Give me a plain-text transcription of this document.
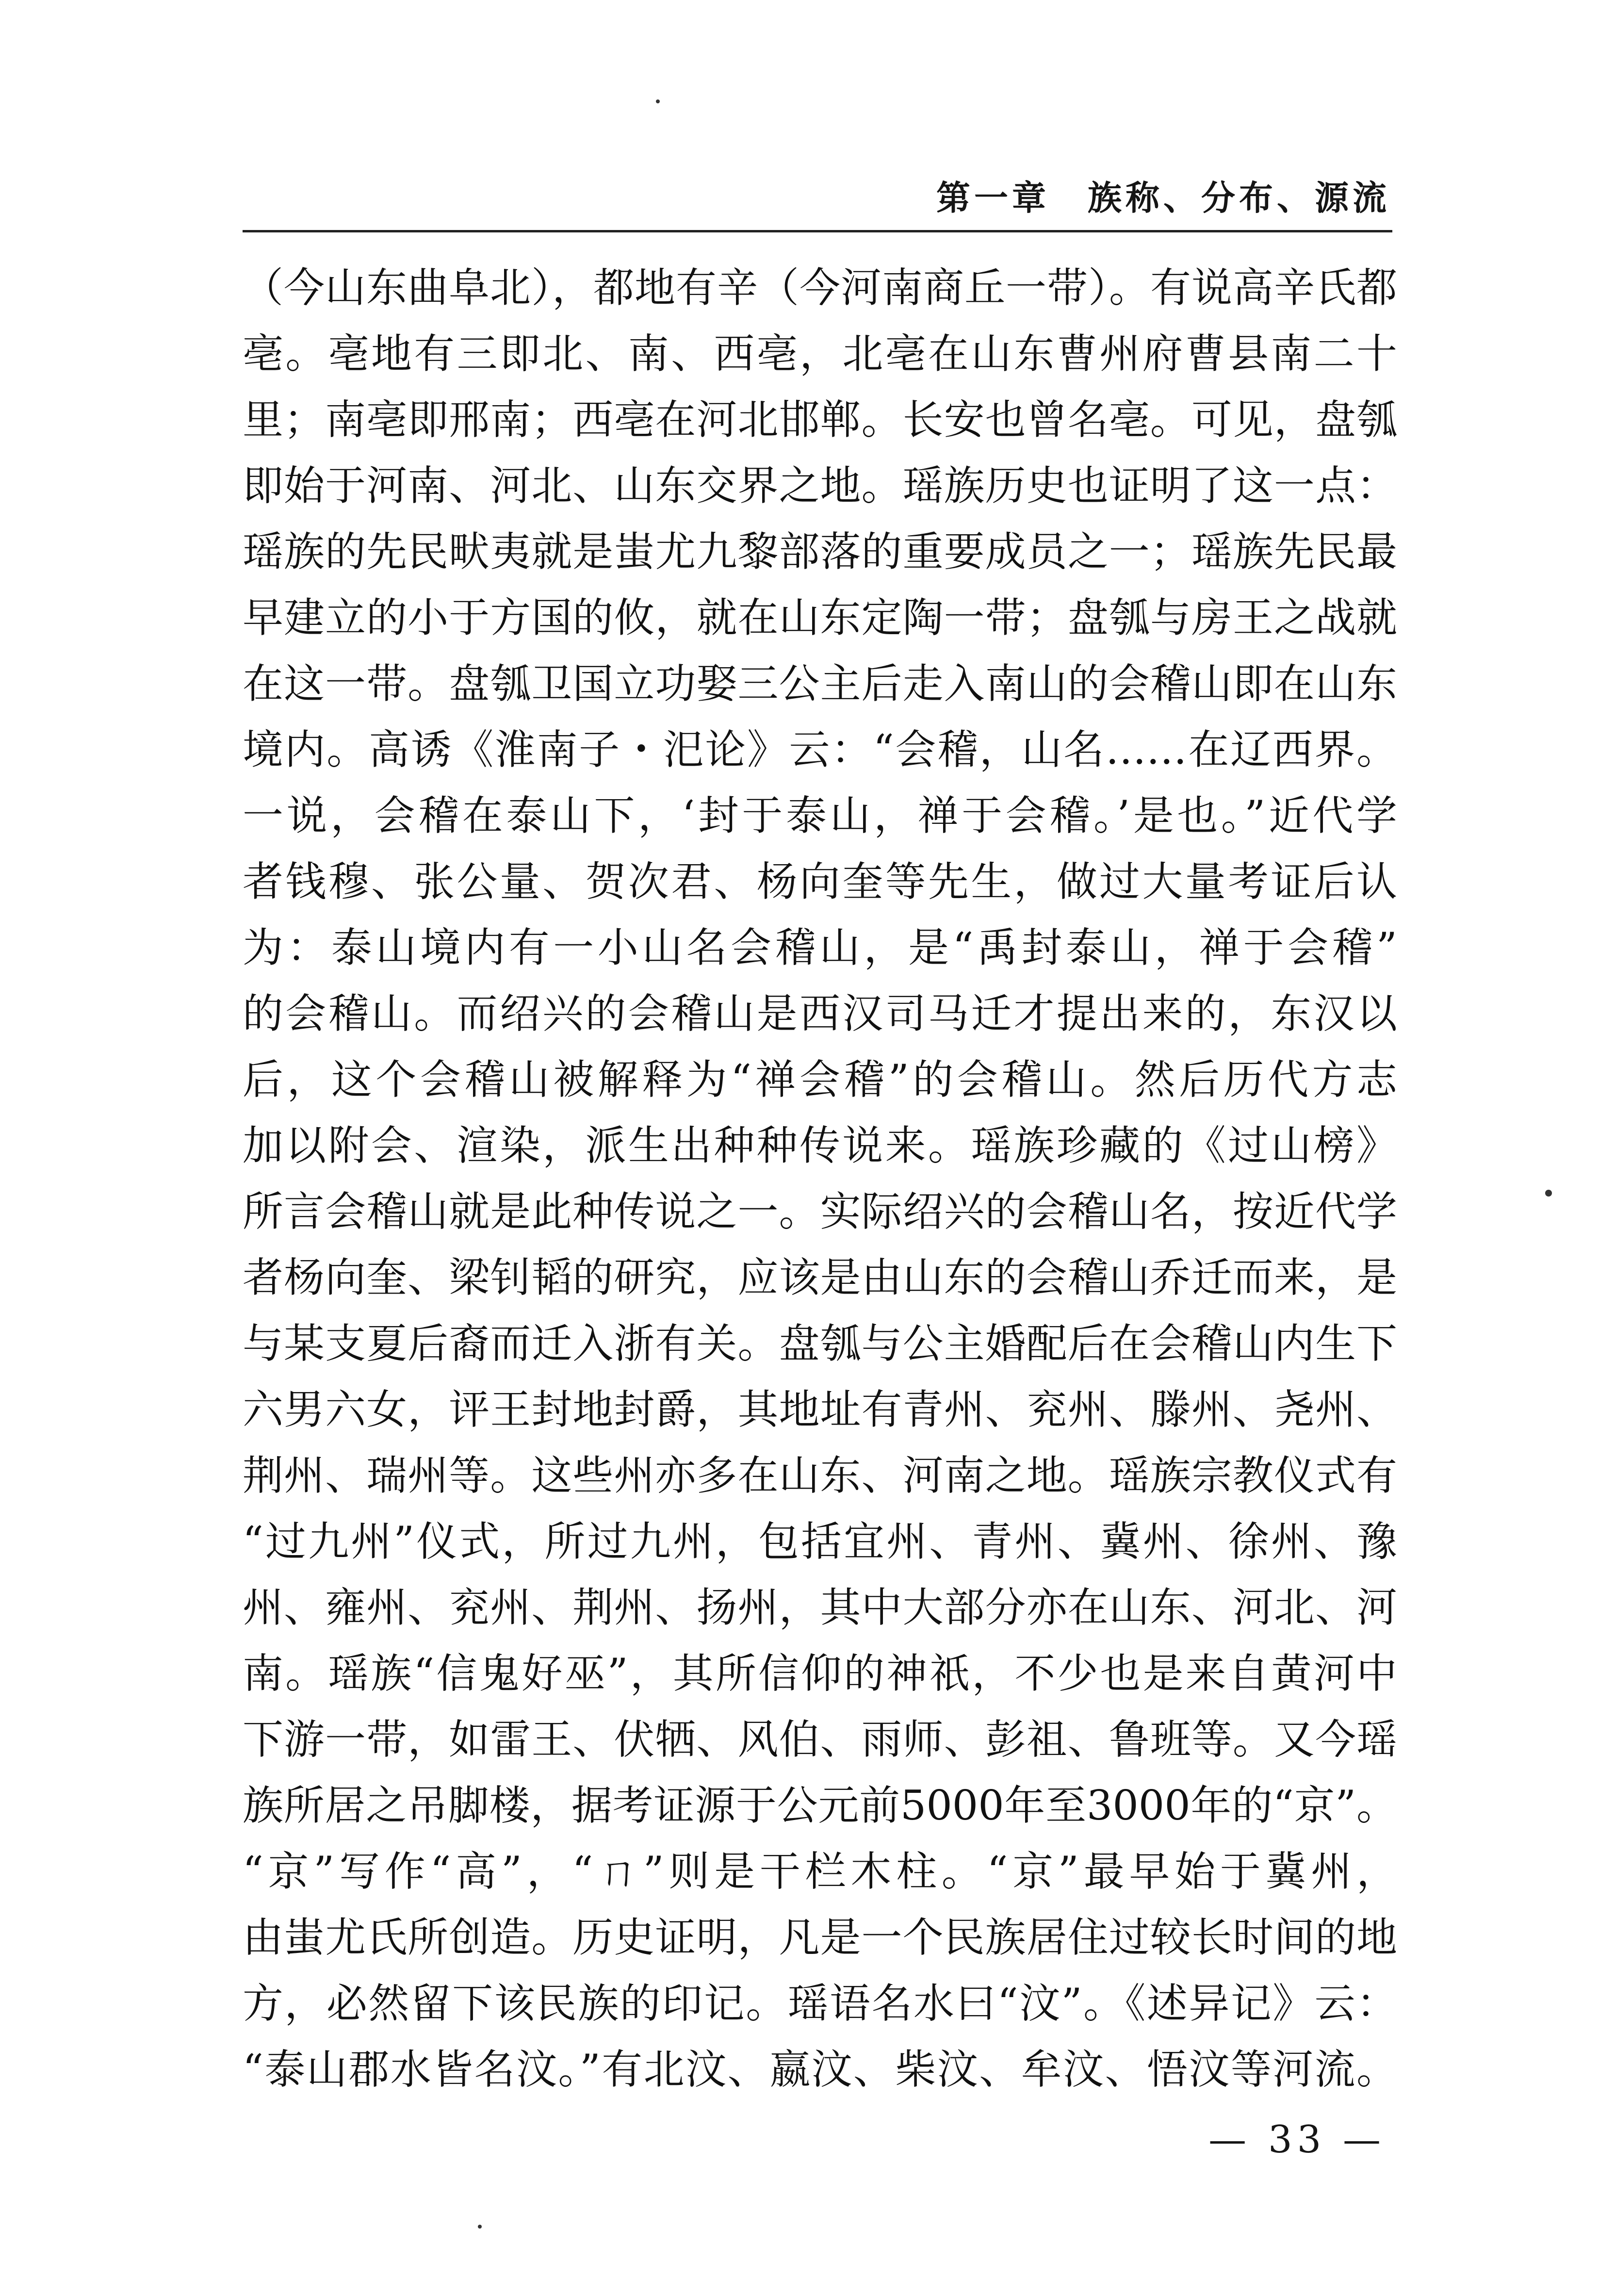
第一章　族称、分布、源流
（今山东曲阜北），都地有辛（今河南商丘一带）。有说高辛氏都
亳。亳地有三即北、南、西亳，北亳在山东曹州府曹县南二十
里；南亳即邢南；西亳在河北邯郸。长安也曾名亳。可见，盘瓠
即始于河南、河北、山东交界之地。瑶族历史也证明了这一点：
瑶族的先民畎夷就是蚩尤九黎部落的重要成员之一；瑶族先民最
早建立的小于方国的攸，就在山东定陶一带；盘瓠与房王之战就
在这一带。盘瓠卫国立功娶三公主后走入南山的会稽山即在山东
境内。高诱《淮南子・汜论》云：“会稽，山名……在辽西界。
一说，会稽在泰山下，‘封于泰山，禅于会稽。’是也。”近代学
者钱穆、张公量、贺次君、杨向奎等先生，做过大量考证后认
为：泰山境内有一小山名会稽山，是“禹封泰山，禅于会稽”
的会稽山。而绍兴的会稽山是西汉司马迁才提出来的，东汉以
后，这个会稽山被解释为“禅会稽”的会稽山。然后历代方志
加以附会、渲染，派生出种种传说来。瑶族珍藏的《过山榜》
所言会稽山就是此种传说之一。实际绍兴的会稽山名，按近代学
者杨向奎、梁钊韬的研究，应该是由山东的会稽山乔迁而来，是
与某支夏后裔而迁入浙有关。盘瓠与公主婚配后在会稽山内生下
六男六女，评王封地封爵，其地址有青州、兖州、滕州、尧州、
荆州、瑞州等。这些州亦多在山东、河南之地。瑶族宗教仪式有
“过九州”仪式，所过九州，包括宜州、青州、冀州、徐州、豫
州、雍州、兖州、荆州、扬州，其中大部分亦在山东、河北、河
南。瑶族“信鬼好巫”，其所信仰的神祇，不少也是来自黄河中
下游一带，如雷王、伏牺、风伯、雨师、彭祖、鲁班等。又今瑶
族所居之吊脚楼，据考证源于公元前5000年至3000年的“京”。
“京”写作“⾼”，“ㄇ”则是干栏木柱。“京”最早始于冀州，
由蚩尤氏所创造。历史证明，凡是一个民族居住过较长时间的地
方，必然留下该民族的印记。瑶语名水曰“汶”。《述异记》云：
“泰山郡水皆名汶。”有北汶、嬴汶、柴汶、牟汶、悟汶等河流。
— 33 —
